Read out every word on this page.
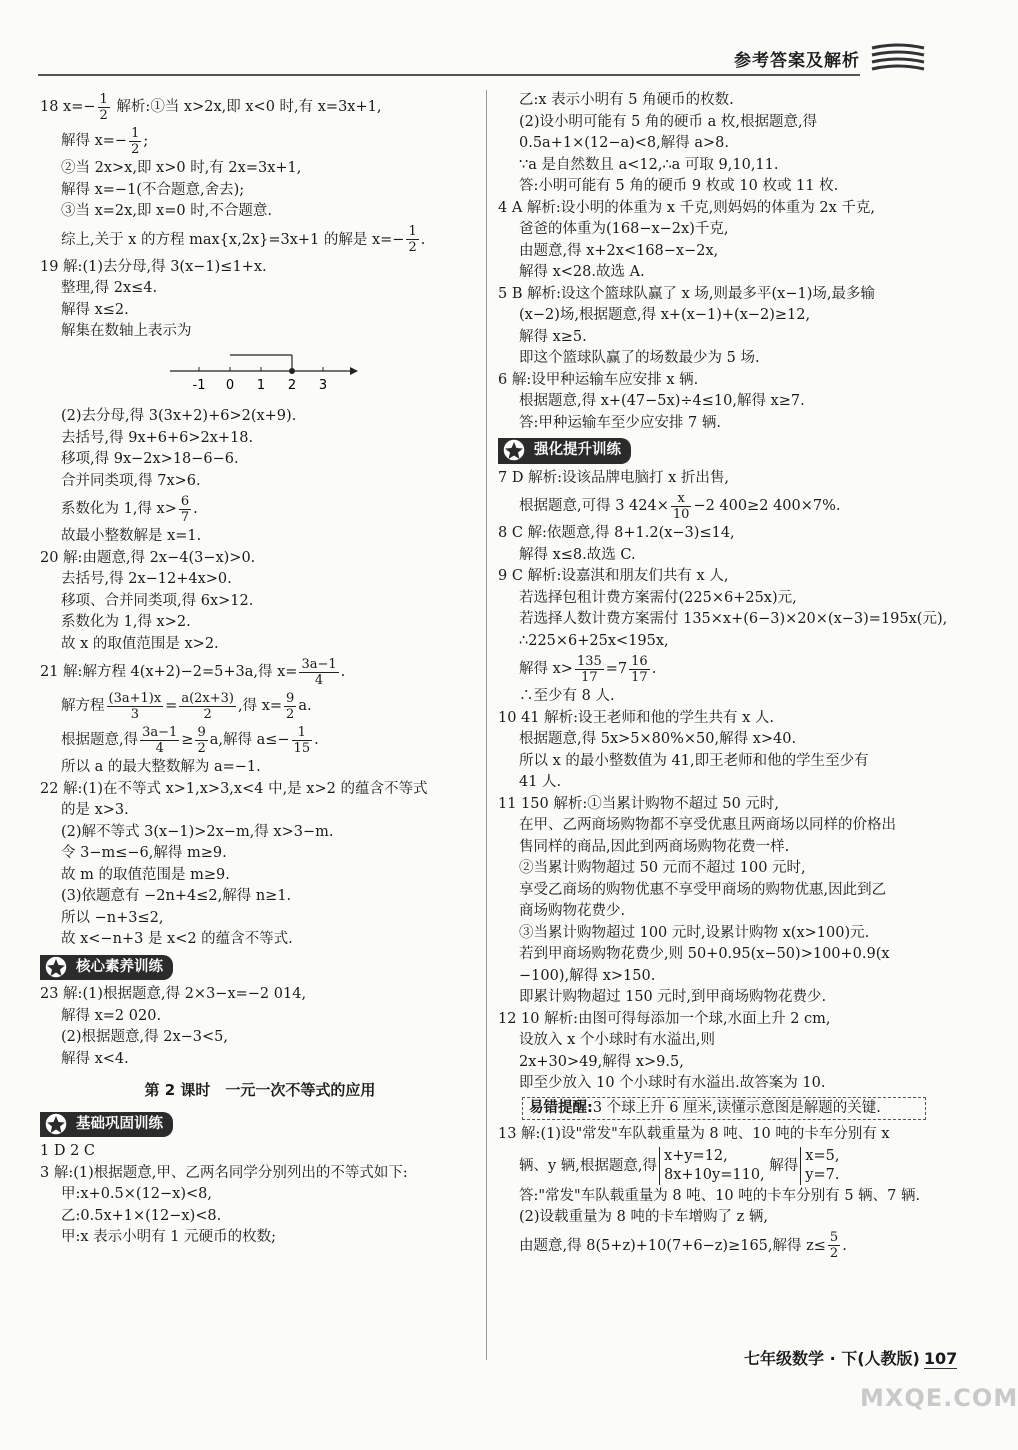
参考答案及解析
18 $x=- \frac{1}{2}$ 解析:①当 x>2x,即 x<0 时,有 x=3x+1,
解得 $x=- \frac{1}{2}$ ;
②当 2x>x,即 x>0 时,有 2x=3x+1,
解得 x=−1(不合题意,舍去);
③当 x=2x,即 x=0 时,不合题意.
综上,关于 x 的方程 max{x,2x}=3x+1 的解是 $x=- \frac{1}{2}$ .
19 解:(1)去分母,得 3(x−1)≤1+x.
整理,得 2x≤4.
解得 x≤2.
解集在数轴上表示为
-1 0 1 2 3
(2)去分母,得 3(3x+2)+6>2(x+9).
去括号,得 9x+6+6>2x+18.
移项,得 9x−2x>18−6−6.
合并同类项,得 7x>6.
系数化为 1,得 $x> \frac{6}{7}$ .
故最小整数解是 x=1.
20 解:由题意,得 2x−4(3−x)>0.
去括号,得 2x−12+4x>0.
移项、合并同类项,得 6x>12.
系数化为 1,得 x>2.
故 x 的取值范围是 x>2.
21 解:解方程 4(x+2)−2=5+3a,得 $x= \frac{3a-1}{4}$ .
解方程 $\frac{(3a+1)x}{3} = \frac{a(2x+3)}{2}$ ,得 $x= \frac{9}{2} a$.
根据题意,得 $\frac{3a-1}{4} \ge \frac{9}{2} a$,解得 $a\le- \frac{1}{15}$ .
所以 a 的最大整数解为 a=−1.
22 解:(1)在不等式 x>1,x>3,x<4 中,是 x>2 的蕴含不等式
的是 x>3.
(2)解不等式 3(x−1)>2x−m,得 x>3−m.
令 3−m≤−6,解得 m≥9.
故 m 的取值范围是 m≥9.
(3)依题意有 −2n+4≤2,解得 n≥1.
所以 −n+3≤2,
故 x<−n+3 是 x<2 的蕴含不等式.
核心素养训练
23 解:(1)根据题意,得 2×3−x=−2 014,
解得 x=2 020.
(2)根据题意,得 2x−3<5,
解得 x<4.
第 2 课时　一元一次不等式的应用
基础巩固训练
1 D 2 C
3 解:(1)根据题意,甲、乙两名同学分别列出的不等式如下:
甲:x+0.5×(12−x)<8,
乙:0.5x+1×(12−x)<8.
甲:x 表示小明有 1 元硬币的枚数;
乙:x 表示小明有 5 角硬币的枚数.
(2)设小明可能有 5 角的硬币 a 枚,根据题意,得
0.5a+1×(12−a)<8,解得 a>8.
∵a 是自然数且 a<12,∴a 可取 9,10,11.
答:小明可能有 5 角的硬币 9 枚或 10 枚或 11 枚.
4 A 解析:设小明的体重为 x 千克,则妈妈的体重为 2x 千克,
爸爸的体重为(168−x−2x)千克,
由题意,得 x+2x<168−x−2x,
解得 x<28.故选 A.
5 B 解析:设这个篮球队赢了 x 场,则最多平(x−1)场,最多输
(x−2)场,根据题意,得 x+(x−1)+(x−2)≥12,
解得 x≥5.
即这个篮球队赢了的场数最少为 5 场.
6 解:设甲种运输车应安排 x 辆.
根据题意,得 x+(47−5x)÷4≤10,解得 x≥7.
答:甲种运输车至少应安排 7 辆.
强化提升训练
7 D 解析:设该品牌电脑打 x 折出售,
根据题意,可得 3 $424\times \frac{x}{10} -2$ 400≥2 400×7%.
8 C 解:依题意,得 8+1.2(x−3)≤14,
解得 x≤8.故选 C.
9 C 解析:设嘉淇和朋友们共有 x 人,
若选择包租计费方案需付(225×6+25x)元,
若选择人数计费方案需付 135×x+(6−3)×20×(x−3)=195x(元),
∴225×6+25x<195x,
解得 $x> \frac{135}{17} =7 \frac{16}{17}$ .
∴至少有 8 人.
10 41 解析:设王老师和他的学生共有 x 人.
根据题意,得 5x>5×80%×50,解得 x>40.
所以 x 的最小整数值为 41,即王老师和他的学生至少有
41 人.
11 150 解析:①当累计购物不超过 50 元时,
在甲、乙两商场购物都不享受优惠且两商场以同样的价格出
售同样的商品,因此到两商场购物花费一样.
②当累计购物超过 50 元而不超过 100 元时,
享受乙商场的购物优惠不享受甲商场的购物优惠,因此到乙
商场购物花费少.
③当累计购物超过 100 元时,设累计购物 x(x>100)元.
若到甲商场购物花费少,则 50+0.95(x−50)>100+0.9(x
−100),解得 x>150.
即累计购物超过 150 元时,到甲商场购物花费少.
12 10 解析:由图可得每添加一个球,水面上升 2 cm,
设放入 x 个小球时有水溢出,则
2x+30>49,解得 x>9.5,
即至少放入 10 个小球时有水溢出.故答案为 10.
易错提醒:3 个球上升 6 厘米,读懂示意图是解题的关键.
13 解:(1)设"常发"车队载重量为 8 吨、10 吨的卡车分别有 x
辆、y 辆,根据题意,得
x+y=12,
8x+10y=110,
解得
x=5,
y=7.
答:"常发"车队载重量为 8 吨、10 吨的卡车分别有 5 辆、7 辆.
(2)设载重量为 8 吨的卡车增购了 z 辆,
由题意,得 8(5+z)+10(7+6−z)≥165,解得 $z\le \frac{5}{2}$ .
七年级数学 · 下(人教版) 107
MXQE.COM
